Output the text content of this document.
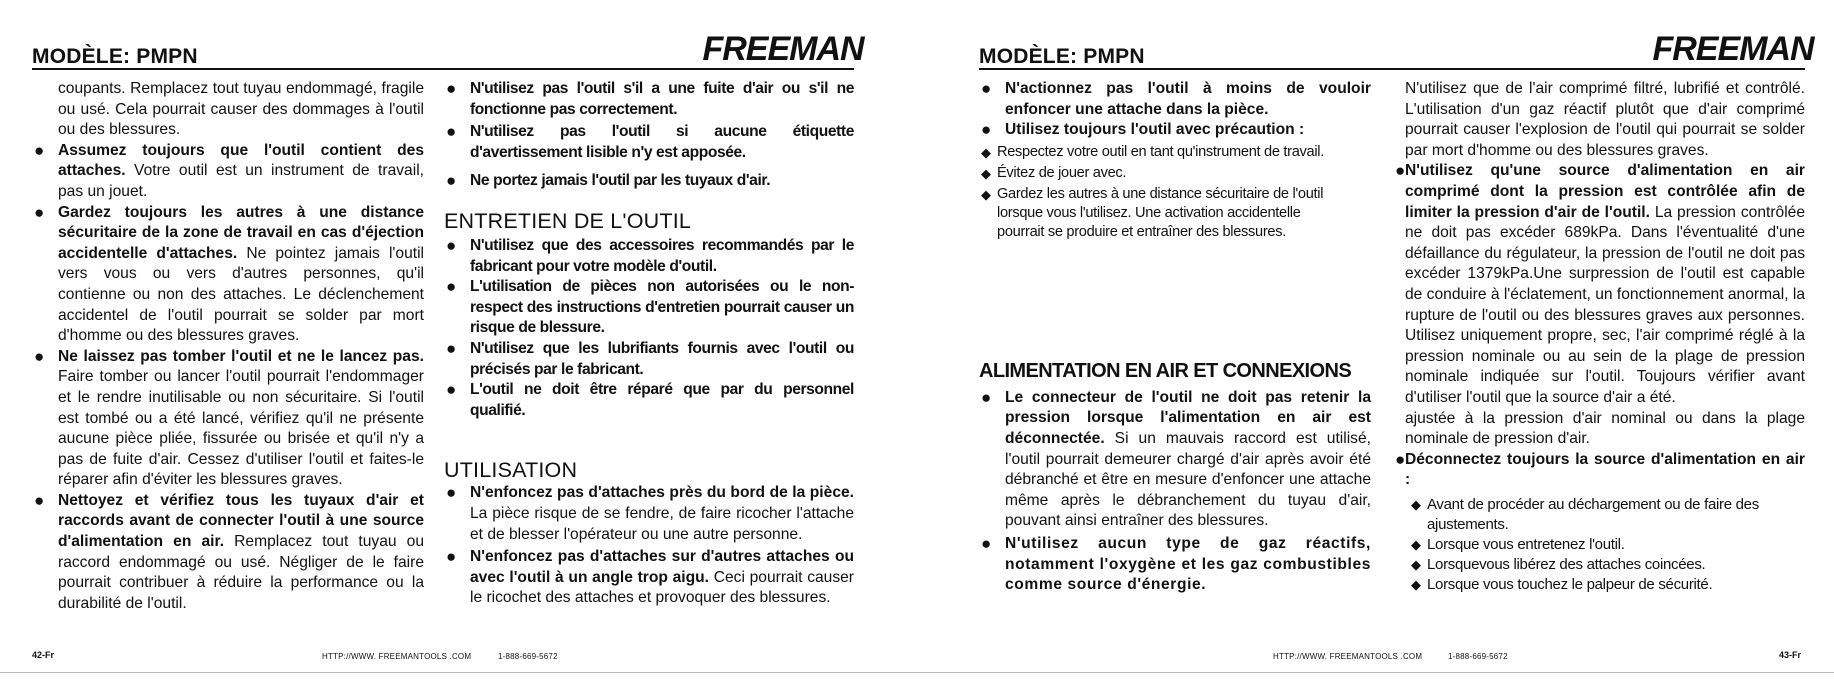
MODÈLE: PMPN	FREEMAN

coupants. Remplacez tout tuyau endommagé, fragile ou usé. Cela pourrait causer des dommages à l'outil ou des blessures.

● Assumez toujours que l'outil contient des attaches. Votre outil est un instrument de travail, pas un jouet.

● Gardez toujours les autres à une distance sécuritaire de la zone de travail en cas d'éjection accidentelle d'attaches. Ne pointez jamais l'outil vers vous ou vers d'autres personnes, qu'il contienne ou non des attaches. Le déclenchement accidentel de l'outil pourrait se solder par mort d'homme ou des blessures graves.

● Ne laissez pas tomber l'outil et ne le lancez pas. Faire tomber ou lancer l'outil pourrait l'endommager et le rendre inutilisable ou non sécuritaire. Si l'outil est tombé ou a été lancé, vérifiez qu'il ne présente aucune pièce pliée, fissurée ou brisée et qu'il n'y a pas de fuite d'air. Cessez d'utiliser l'outil et faites-le réparer afin d'éviter les blessures graves.

● Nettoyez et vérifiez tous les tuyaux d'air et raccords avant de connecter l'outil à une source d'alimentation en air. Remplacez tout tuyau ou raccord endommagé ou usé. Négliger de le faire pourrait contribuer à réduire la performance ou la durabilité de l'outil.

● N'utilisez pas l'outil s'il a une fuite d'air ou s'il ne fonctionne pas correctement.

● N'utilisez pas l'outil si aucune étiquette d'avertissement lisible n'y est apposée.

● Ne portez jamais l'outil par les tuyaux d'air.

ENTRETIEN DE L'OUTIL

● N'utilisez que des accessoires recommandés par le fabricant pour votre modèle d'outil.

● L'utilisation de pièces non autorisées ou le non-respect des instructions d'entretien pourrait causer un risque de blessure.

● N'utilisez que les lubrifiants fournis avec l'outil ou précisés par le fabricant.

● L'outil ne doit être réparé que par du personnel qualifié.

UTILISATION

● N'enfoncez pas d'attaches près du bord de la pièce. La pièce risque de se fendre, de faire ricocher l'attache et de blesser l'opérateur ou une autre personne.

● N'enfoncez pas d'attaches sur d'autres attaches ou avec l'outil à un angle trop aigu. Ceci pourrait causer le ricochet des attaches et provoquer des blessures.

42-Fr	HTTP://WWW. FREEMANTOOLS .COM	1-888-669-5672
MODÈLE: PMPN	FREEMAN

● N'actionnez pas l'outil à moins de vouloir enfoncer une attache dans la pièce.

● Utilisez toujours l'outil avec précaution :

◆ Respectez votre outil en tant qu'instrument de travail.

◆ Évitez de jouer avec.

◆ Gardez les autres à une distance sécuritaire de l'outil lorsque vous l'utilisez. Une activation accidentelle pourrait se produire et entraîner des blessures.

ALIMENTATION EN AIR ET CONNEXIONS

● Le connecteur de l'outil ne doit pas retenir la pression lorsque l'alimentation en air est déconnectée. Si un mauvais raccord est utilisé, l'outil pourrait demeurer chargé d'air après avoir été débranché et être en mesure d'enfoncer une attache même après le débranchement du tuyau d'air, pouvant ainsi entraîner des blessures.

● N'utilisez aucun type de gaz réactifs, notamment l'oxygène et les gaz combustibles comme source d'énergie.

N'utilisez que de l'air comprimé filtré, lubrifié et contrôlé. L'utilisation d'un gaz réactif plutôt que d'air comprimé pourrait causer l'explosion de l'outil qui pourrait se solder par mort d'homme ou des blessures graves.

● N'utilisez qu'une source d'alimentation en air comprimé dont la pression est contrôlée afin de limiter la pression d'air de l'outil. La pression contrôlée ne doit pas excéder 689kPa. Dans l'éventualité d'une défaillance du régulateur, la pression de l'outil ne doit pas excéder 1379kPa.Une surpression de l'outil est capable de conduire à l'éclatement, un fonctionnement anormal, la rupture de l'outil ou des blessures graves aux personnes. Utilisez uniquement propre, sec, l'air comprimé réglé à la pression nominale ou au sein de la plage de pression nominale indiquée sur l'outil. Toujours vérifier avant d'utiliser l'outil que la source d'air a été.

ajustée à la pression d'air nominal ou dans la plage nominale de pression d'air.

● Déconnectez toujours la source d'alimentation en air :

◆ Avant de procéder au déchargement ou de faire des ajustements.

◆ Lorsque vous entretenez l'outil.

◆ Lorsquevous libérez des attaches coincées.

◆ Lorsque vous touchez le palpeur de sécurité.

HTTP://WWW. FREEMANTOOLS .COM	1-888-669-5672	43-Fr
